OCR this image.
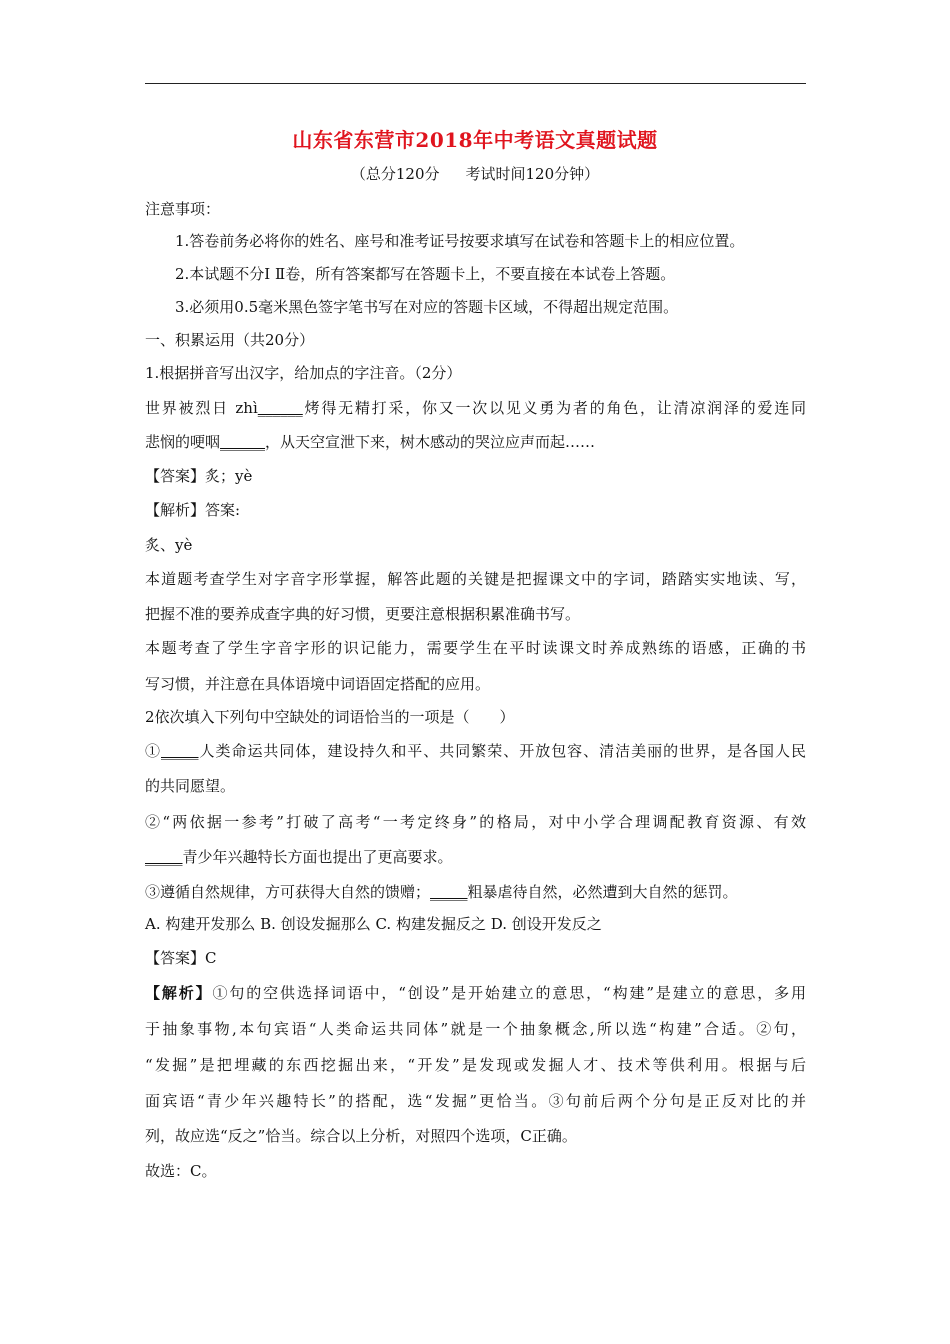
山东省东营市2018年中考语文真题试题
（总分120分 考试时间120分钟）
注意事项：
1.答卷前务必将你的姓名、座号和准考证号按要求填写在试卷和答题卡上的相应位置。
2.本试题不分Ⅰ Ⅱ卷，所有答案都写在答题卡上，不要直接在本试卷上答题。
3.必须用0.5毫米黑色签字笔书写在对应的答题卡区域，不得超出规定范围。
一、积累运用（共20分）
1.根据拼音写出汉字，给加点的字注音。（2分）
世界被烈日 zhì______烤得无精打采，你又一次以见义勇为者的角色，让清凉润泽的爱连同
悲悯的哽咽______，从天空宣泄下来，树木感动的哭泣应声而起……
【答案】炙；yè
【解析】答案:
炙、yè
本道题考查学生对字音字形掌握，解答此题的关键是把握课文中的字词，踏踏实实地读、写，
把握不准的要养成查字典的好习惯，更要注意根据积累准确书写。
本题考查了学生字音字形的识记能力，需要学生在平时读课文时养成熟练的语感，正确的书
写习惯，并注意在具体语境中词语固定搭配的应用。
2依次填入下列句中空缺处的词语恰当的一项是（　　）
①_____人类命运共同体，建设持久和平、共同繁荣、开放包容、清洁美丽的世界，是各国人民
的共同愿望。
②“两依据一参考”打破了高考“一考定终身”的格局，对中小学合理调配教育资源、有效
_____青少年兴趣特长方面也提出了更高要求。
③遵循自然规律，方可获得大自然的馈赠；_____粗暴虐待自然，必然遭到大自然的惩罚。
A. 构建开发那么 B. 创设发掘那么 C. 构建发掘反之 D. 创设开发反之
【答案】C
【解析】①句的空供选择词语中，“创设”是开始建立的意思，“构建”是建立的意思，多用
于抽象事物,本句宾语“人类命运共同体”就是一个抽象概念,所以选“构建”合适。②句，
“发掘”是把埋藏的东西挖掘出来，“开发”是发现或发掘人才、技术等供利用。根据与后
面宾语“青少年兴趣特长”的搭配，选“发掘”更恰当。③句前后两个分句是正反对比的并
列，故应选“反之”恰当。综合以上分析，对照四个选项，C正确。
故选：C。
